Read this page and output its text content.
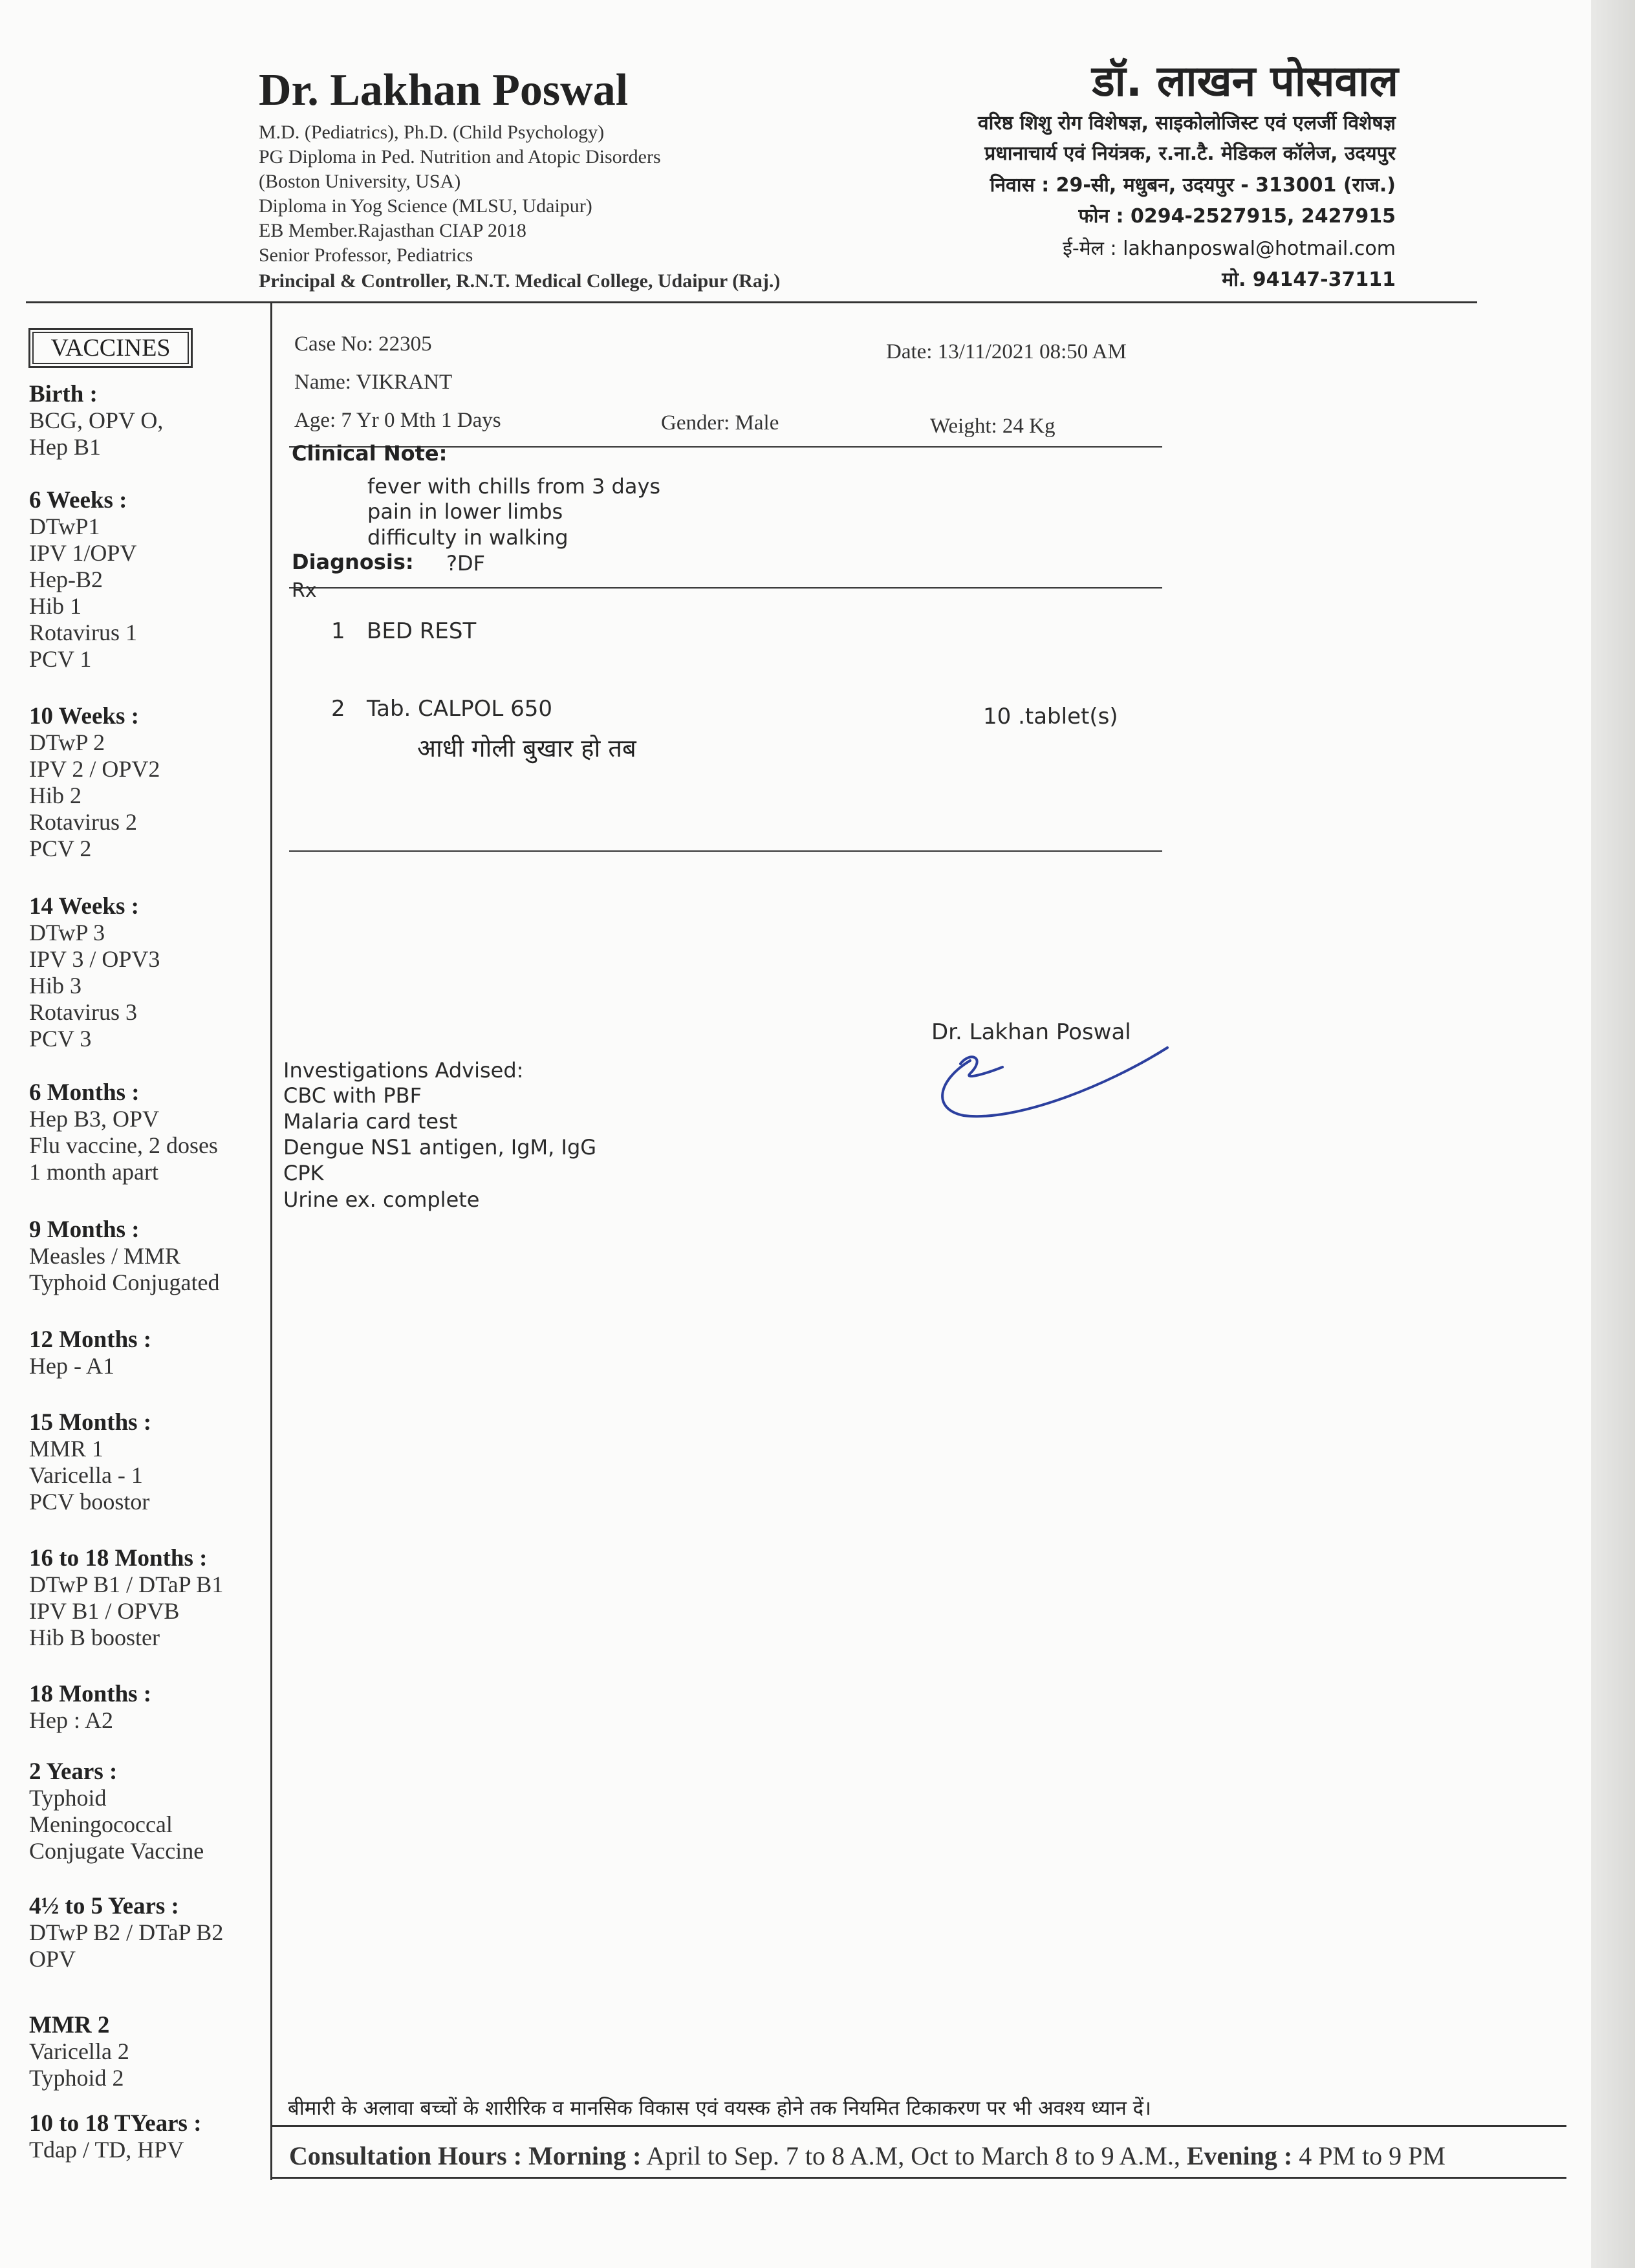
Dr. Lakhan Poswal
M.D. (Pediatrics), Ph.D. (Child Psychology)
PG Diploma in Ped. Nutrition and Atopic Disorders
(Boston University, USA)
Diploma in Yog Science (MLSU, Udaipur)
EB Member.Rajasthan CIAP 2018
Senior Professor, Pediatrics
Principal & Controller, R.N.T. Medical College, Udaipur (Raj.)
डॉ. लाखन पोसवाल
वरिष्ठ शिशु रोग विशेषज्ञ, साइकोलोजिस्ट एवं एलर्जी विशेषज्ञ
प्रधानाचार्य एवं नियंत्रक, र.ना.टै. मेडिकल कॉलेज, उदयपुर
निवास : 29-सी, मधुबन, उदयपुर - 313001 (राज.)
फोन : 0294-2527915, 2427915
ई-मेल : lakhanposwal@hotmail.com
मो. 94147-37111
VACCINES
Birth :
BCG, OPV O,
Hep B1
6 Weeks :
DTwP1
IPV 1/OPV
Hep-B2
Hib 1
Rotavirus 1
PCV 1
10 Weeks :
DTwP 2
IPV 2 / OPV2
Hib 2
Rotavirus 2
PCV 2
14 Weeks :
DTwP 3
IPV 3 / OPV3
Hib 3
Rotavirus 3
PCV 3
6 Months :
Hep B3, OPV
Flu vaccine, 2 doses
1 month apart
9 Months :
Measles / MMR
Typhoid Conjugated
12 Months :
Hep - A1
15 Months :
MMR 1
Varicella - 1
PCV boostor
16 to 18 Months :
DTwP B1 / DTaP B1
IPV B1 / OPVB
Hib B booster
18 Months :
Hep : A2
2 Years :
Typhoid
Meningococcal
Conjugate Vaccine
4½ to 5 Years :
DTwP B2 / DTaP B2
OPV
MMR 2
Varicella 2
Typhoid 2
10 to 18 TYears :
Tdap / TD, HPV
Case No: 22305	Date: 13/11/2021 08:50 AM
Name: VIKRANT
Age: 7 Yr 0 Mth 1 Days	Gender: Male	Weight: 24 Kg
Clinical Note:
fever with chills from 3 days
pain in lower limbs
difficulty in walking
Diagnosis: ?DF
Rx
1 BED REST
2 Tab. CALPOL 650	10 .tablet(s)
आधी गोली बुखार हो तब
Dr. Lakhan Poswal
Investigations Advised:
CBC with PBF
Malaria card test
Dengue NS1 antigen, IgM, IgG
CPK
Urine ex. complete
बीमारी के अलावा बच्चों के शारीरिक व मानसिक विकास एवं वयस्क होने तक नियमित टिकाकरण पर भी अवश्य ध्यान दें।
Consultation Hours : Morning : April to Sep. 7 to 8 A.M, Oct to March 8 to 9 A.M., Evening : 4 PM to 9 PM
